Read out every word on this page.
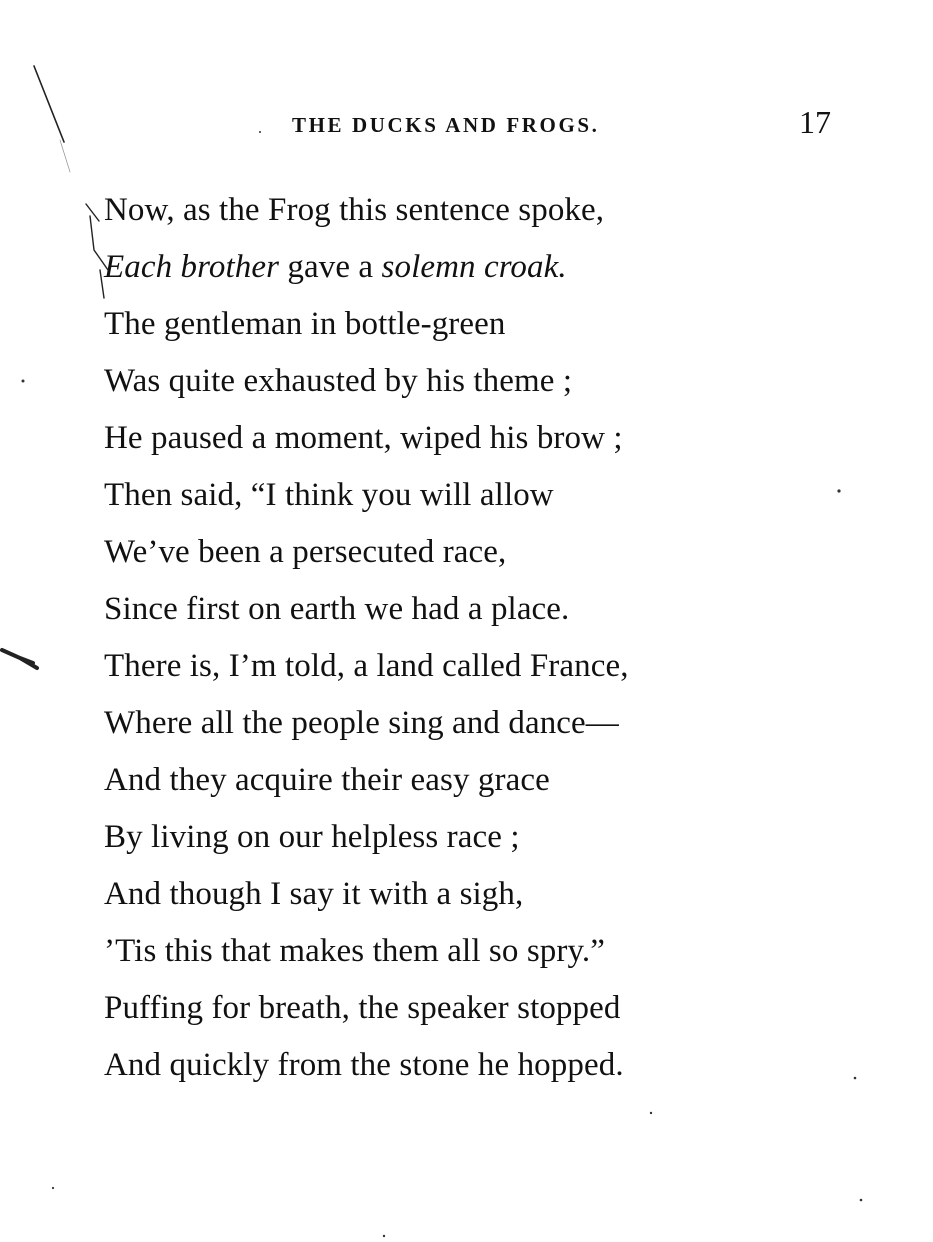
THE DUCKS AND FROGS.	17
Now, as the Frog this sentence spoke,
Each brother gave a solemn croak.
The gentleman in bottle-green
Was quite exhausted by his theme ;
He paused a moment, wiped his brow ;
Then said, “I think you will allow
We’ve been a persecuted race,
Since first on earth we had a place.
There is, I’m told, a land called France,
Where all the people sing and dance—
And they acquire their easy grace
By living on our helpless race ;
And though I say it with a sigh,
’Tis this that makes them all so spry.”
Puffing for breath, the speaker stopped
And quickly from the stone he hopped.
